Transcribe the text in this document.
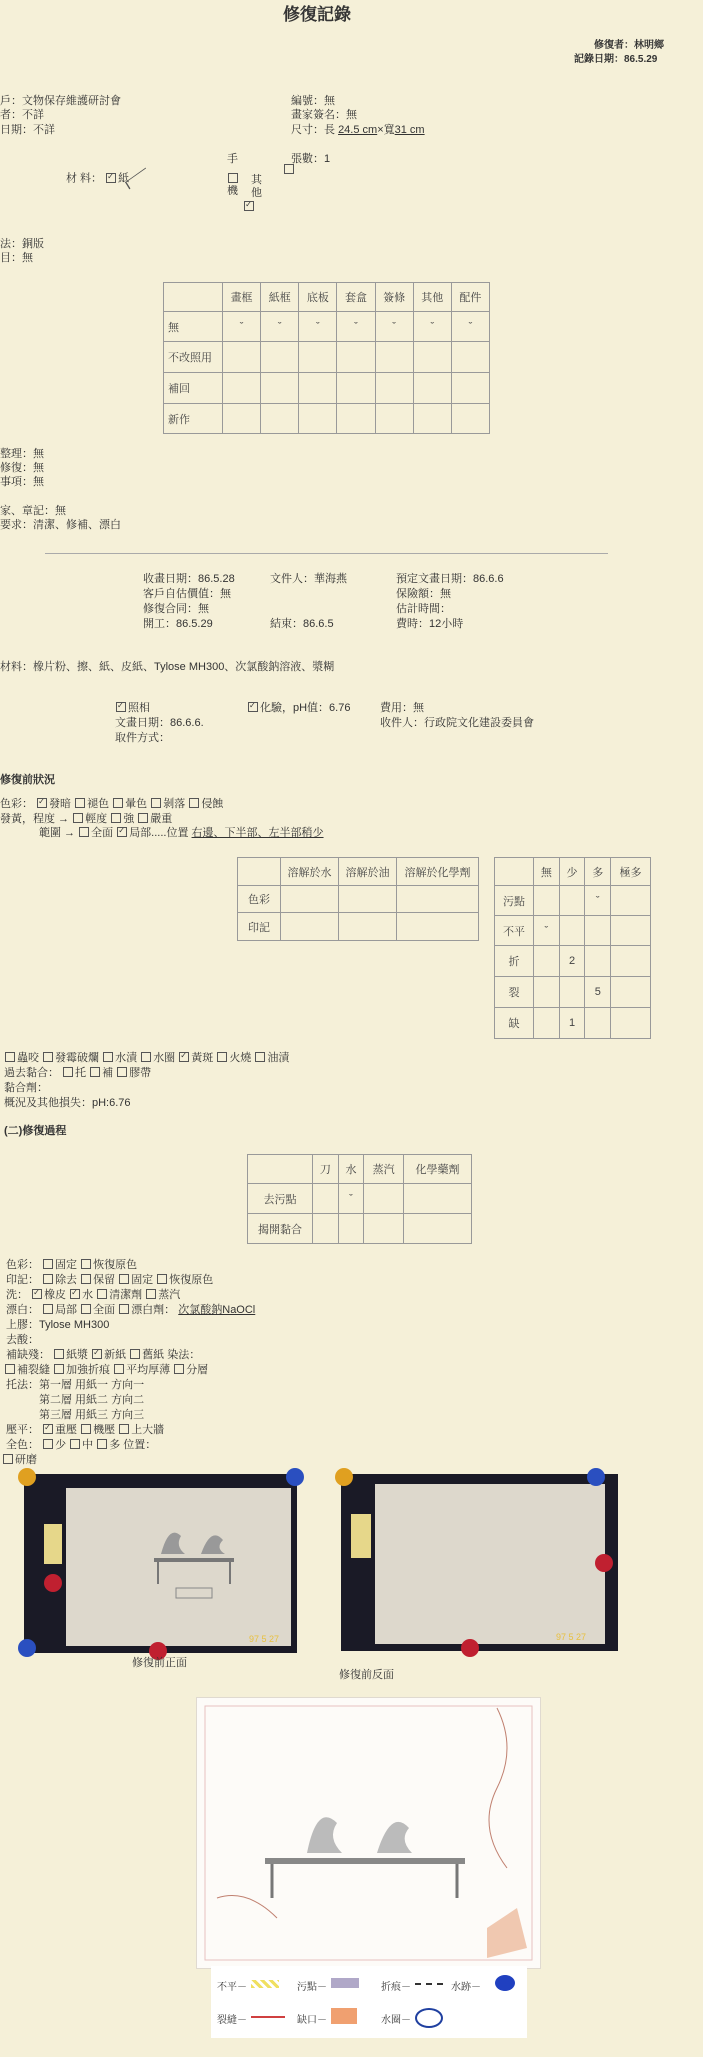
修復記錄
修復者：林明鄉
記錄日期：86.5.29
戶：文物保存維護研討會
者：不詳
日期：不詳
編號：無
畫家簽名：無
尺寸：長 24.5 cm×寬31 cm
材 料： ✓ 紙
手

機
✓
其他
張數：1
法：銅版
目：無
	畫框	紙框	底板	套盒	簽條	其他	配件
無	ˇ	ˇ	ˇ	ˇ	ˇ	ˇ	ˇ
不改照用							
補回							
新作							
整理：無
修復：無
事項：無
家、章記：無
要求：清潔、修補、漂白
收畫日期：86.5.28	文件人：華海燕	預定文畫日期：86.6.6
客戶自估價值：無	保險額：無
修復合同：無	估計時間：
開工：86.5.29	結束：86.6.5	費時：12小時
材料：橡片粉、擦、紙、皮紙、Tylose MH300、次氯酸鈉溶液、漿糊
✓照相 ✓	化驗，pH值：6.76	費用：無
文畫日期：86.6.6.	收件人：行政院文化建設委員會
取件方式：
修復前狀況
色彩： ✓ 發暗 褪色 暈色 剝落 侵蝕
發黃，程度 → 輕度 強 嚴重
範圍 → 全面 ✓ 局部.....位置 右邊、下半部、左半部稍少
	溶解於水	溶解於油	溶解於化學劑
色彩			
印記			
	無	少	多	極多
污點			ˇ	
不平	ˇ			
折		2		
裂			5	
缺		1		
蟲咬 發霉破爛 水漬 水圈 ✓ 黃斑 火燒 油漬
過去黏合： 托 補 膠帶
黏合劑：
概況及其他損失：pH:6.76
(二)修復過程
	刀	水	蒸汽	化學藥劑
去污點		ˇ		
揭開黏合				
色彩： 固定 恢復原色
印記： 除去 保留 固定 恢復原色
洗： ✓ 橡皮 ✓ 水 清潔劑 蒸汽
漂白： 局部 全面 漂白劑： 次氯酸鈉NaOCl
上膠：Tylose MH300
去酸：
補缺殘： 紙漿 ✓ 新紙 舊紙 染法：
補裂縫 加強折痕 平均厚薄 分層
托法：第一層 用紙一 方向一
第二層 用紙二 方向二
第三層 用紙三 方向三
壓平： ✓ 重壓 機壓 上大牆
全色： 少 中 多 位置：
研磨
97 5 27
修復前正面
97 5 27
修復前反面
不平－	污點－	折痕－	水跡－
裂縫－	缺口－	水圈－
